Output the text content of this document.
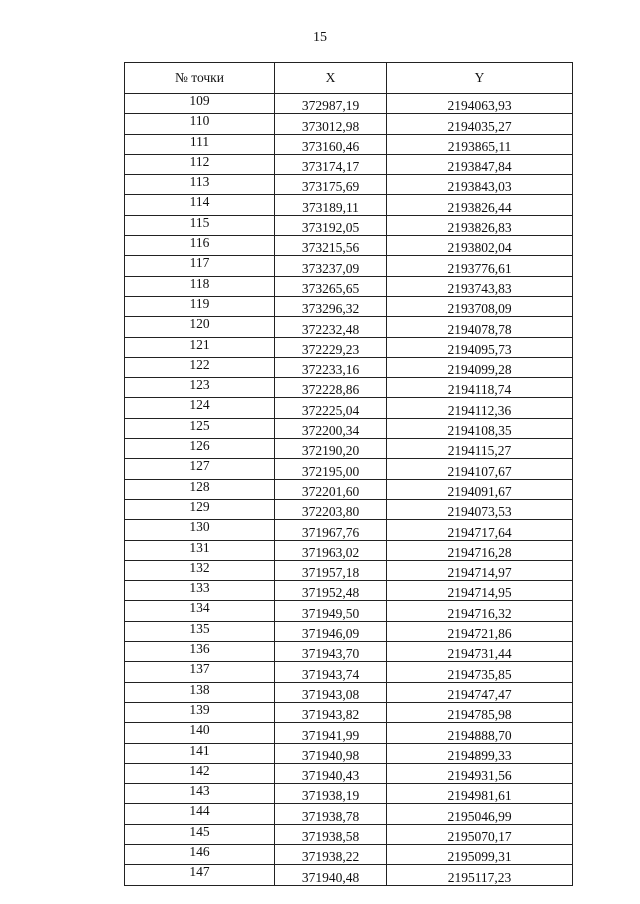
15
№ точки	X	Y
109	372987,19	2194063,93
110	373012,98	2194035,27
111	373160,46	2193865,11
112	373174,17	2193847,84
113	373175,69	2193843,03
114	373189,11	2193826,44
115	373192,05	2193826,83
116	373215,56	2193802,04
117	373237,09	2193776,61
118	373265,65	2193743,83
119	373296,32	2193708,09
120	372232,48	2194078,78
121	372229,23	2194095,73
122	372233,16	2194099,28
123	372228,86	2194118,74
124	372225,04	2194112,36
125	372200,34	2194108,35
126	372190,20	2194115,27
127	372195,00	2194107,67
128	372201,60	2194091,67
129	372203,80	2194073,53
130	371967,76	2194717,64
131	371963,02	2194716,28
132	371957,18	2194714,97
133	371952,48	2194714,95
134	371949,50	2194716,32
135	371946,09	2194721,86
136	371943,70	2194731,44
137	371943,74	2194735,85
138	371943,08	2194747,47
139	371943,82	2194785,98
140	371941,99	2194888,70
141	371940,98	2194899,33
142	371940,43	2194931,56
143	371938,19	2194981,61
144	371938,78	2195046,99
145	371938,58	2195070,17
146	371938,22	2195099,31
147	371940,48	2195117,23
